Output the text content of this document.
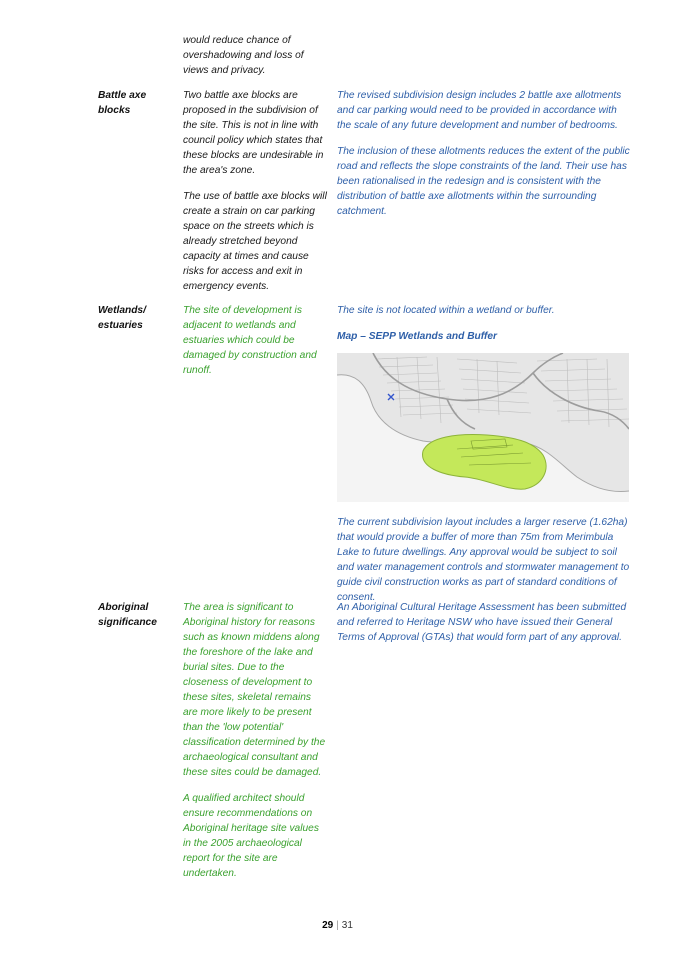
would reduce chance of overshadowing and loss of views and privacy.

Battle axe

blocks

Two battle axe blocks are proposed in the subdivision of the site. This is not in line with council policy which states that these blocks are undesirable in the area's zone.

The use of battle axe blocks will create a strain on car parking space on the streets which is already stretched beyond capacity at times and cause risks for access and exit in emergency events.

The revised subdivision design includes 2 battle axe allotments and car parking would need to be provided in accordance with the scale of any future development and number of bedrooms.

The inclusion of these allotments reduces the extent of the public road and reflects the slope constraints of the land. Their use has been rationalised in the redesign and is consistent with the distribution of battle axe allotments within the surrounding catchment.

Wetlands/

estuaries

The site of development is adjacent to wetlands and estuaries which could be damaged by construction and runoff.

The site is not located within a wetland or buffer.

Map – SEPP Wetlands and Buffer

The current subdivision layout includes a larger reserve (1.62ha) that would provide a buffer of more than 75m from Merimbula Lake to future dwellings. Any approval would be subject to soil and water management controls and stormwater management to guide civil construction works as part of standard conditions of consent.

Aboriginal

significance

The area is significant to Aboriginal history for reasons such as known middens along the foreshore of the lake and burial sites. Due to the closeness of development to these sites, skeletal remains are more likely to be present than the 'low potential' classification determined by the archaeological consultant and these sites could be damaged.

A qualified architect should ensure recommendations on Aboriginal heritage site values in the 2005 archaeological report for the site are undertaken.

An Aboriginal Cultural Heritage Assessment has been submitted and referred to Heritage NSW who have issued their General Terms of Approval (GTAs) that would form part of any approval.

29 | 31
